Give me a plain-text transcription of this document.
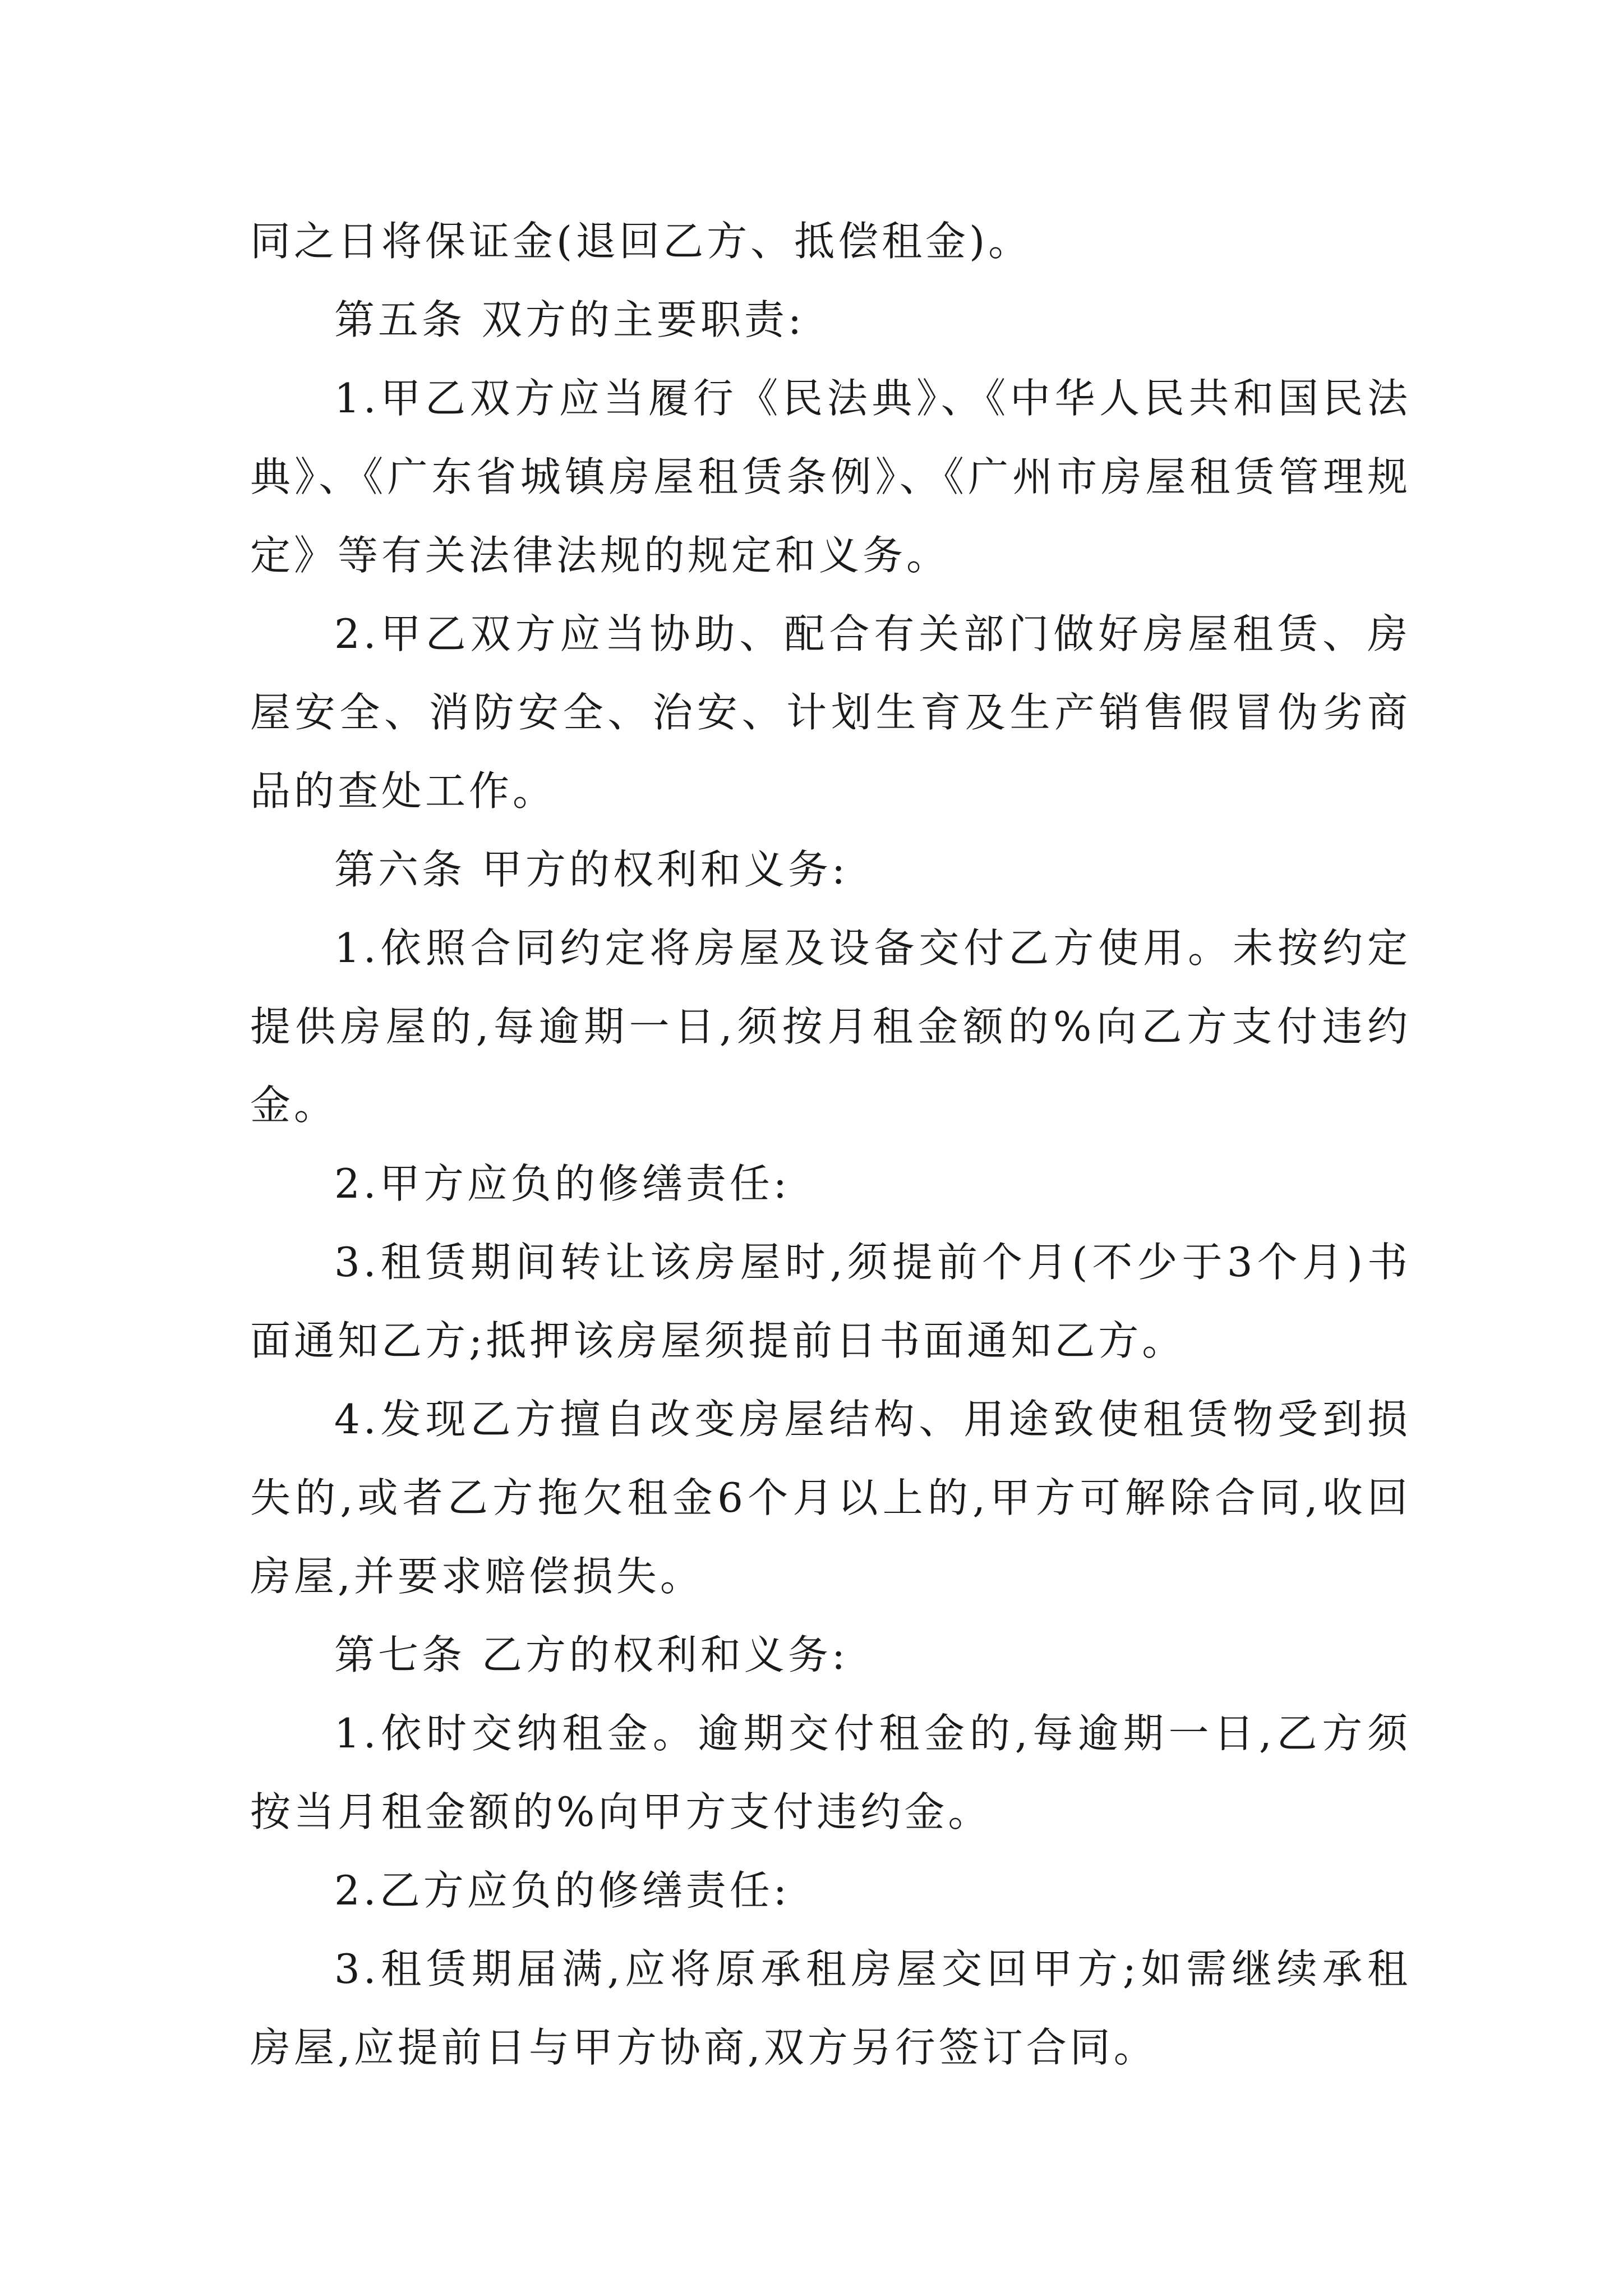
同之日将保证金(退回乙方、抵偿租金)。

第五条 双方的主要职责:

1.甲乙双方应当履行《民法典》、《中华人民共和国民法典》、《广东省城镇房屋租赁条例》、《广州市房屋租赁管理规定》等有关法律法规的规定和义务。

2.甲乙双方应当协助、配合有关部门做好房屋租赁、房屋安全、消防安全、治安、计划生育及生产销售假冒伪劣商品的查处工作。

第六条 甲方的权利和义务:

1.依照合同约定将房屋及设备交付乙方使用。未按约定提供房屋的,每逾期一日,须按月租金额的%向乙方支付违约金。

2.甲方应负的修缮责任:

3.租赁期间转让该房屋时,须提前个月(不少于3个月)书面通知乙方;抵押该房屋须提前日书面通知乙方。

4.发现乙方擅自改变房屋结构、用途致使租赁物受到损失的,或者乙方拖欠租金6个月以上的,甲方可解除合同,收回房屋,并要求赔偿损失。

第七条 乙方的权利和义务:

1.依时交纳租金。逾期交付租金的,每逾期一日,乙方须按当月租金额的%向甲方支付违约金。

2.乙方应负的修缮责任:

3.租赁期届满,应将原承租房屋交回甲方;如需继续承租房屋,应提前日与甲方协商,双方另行签订合同。
